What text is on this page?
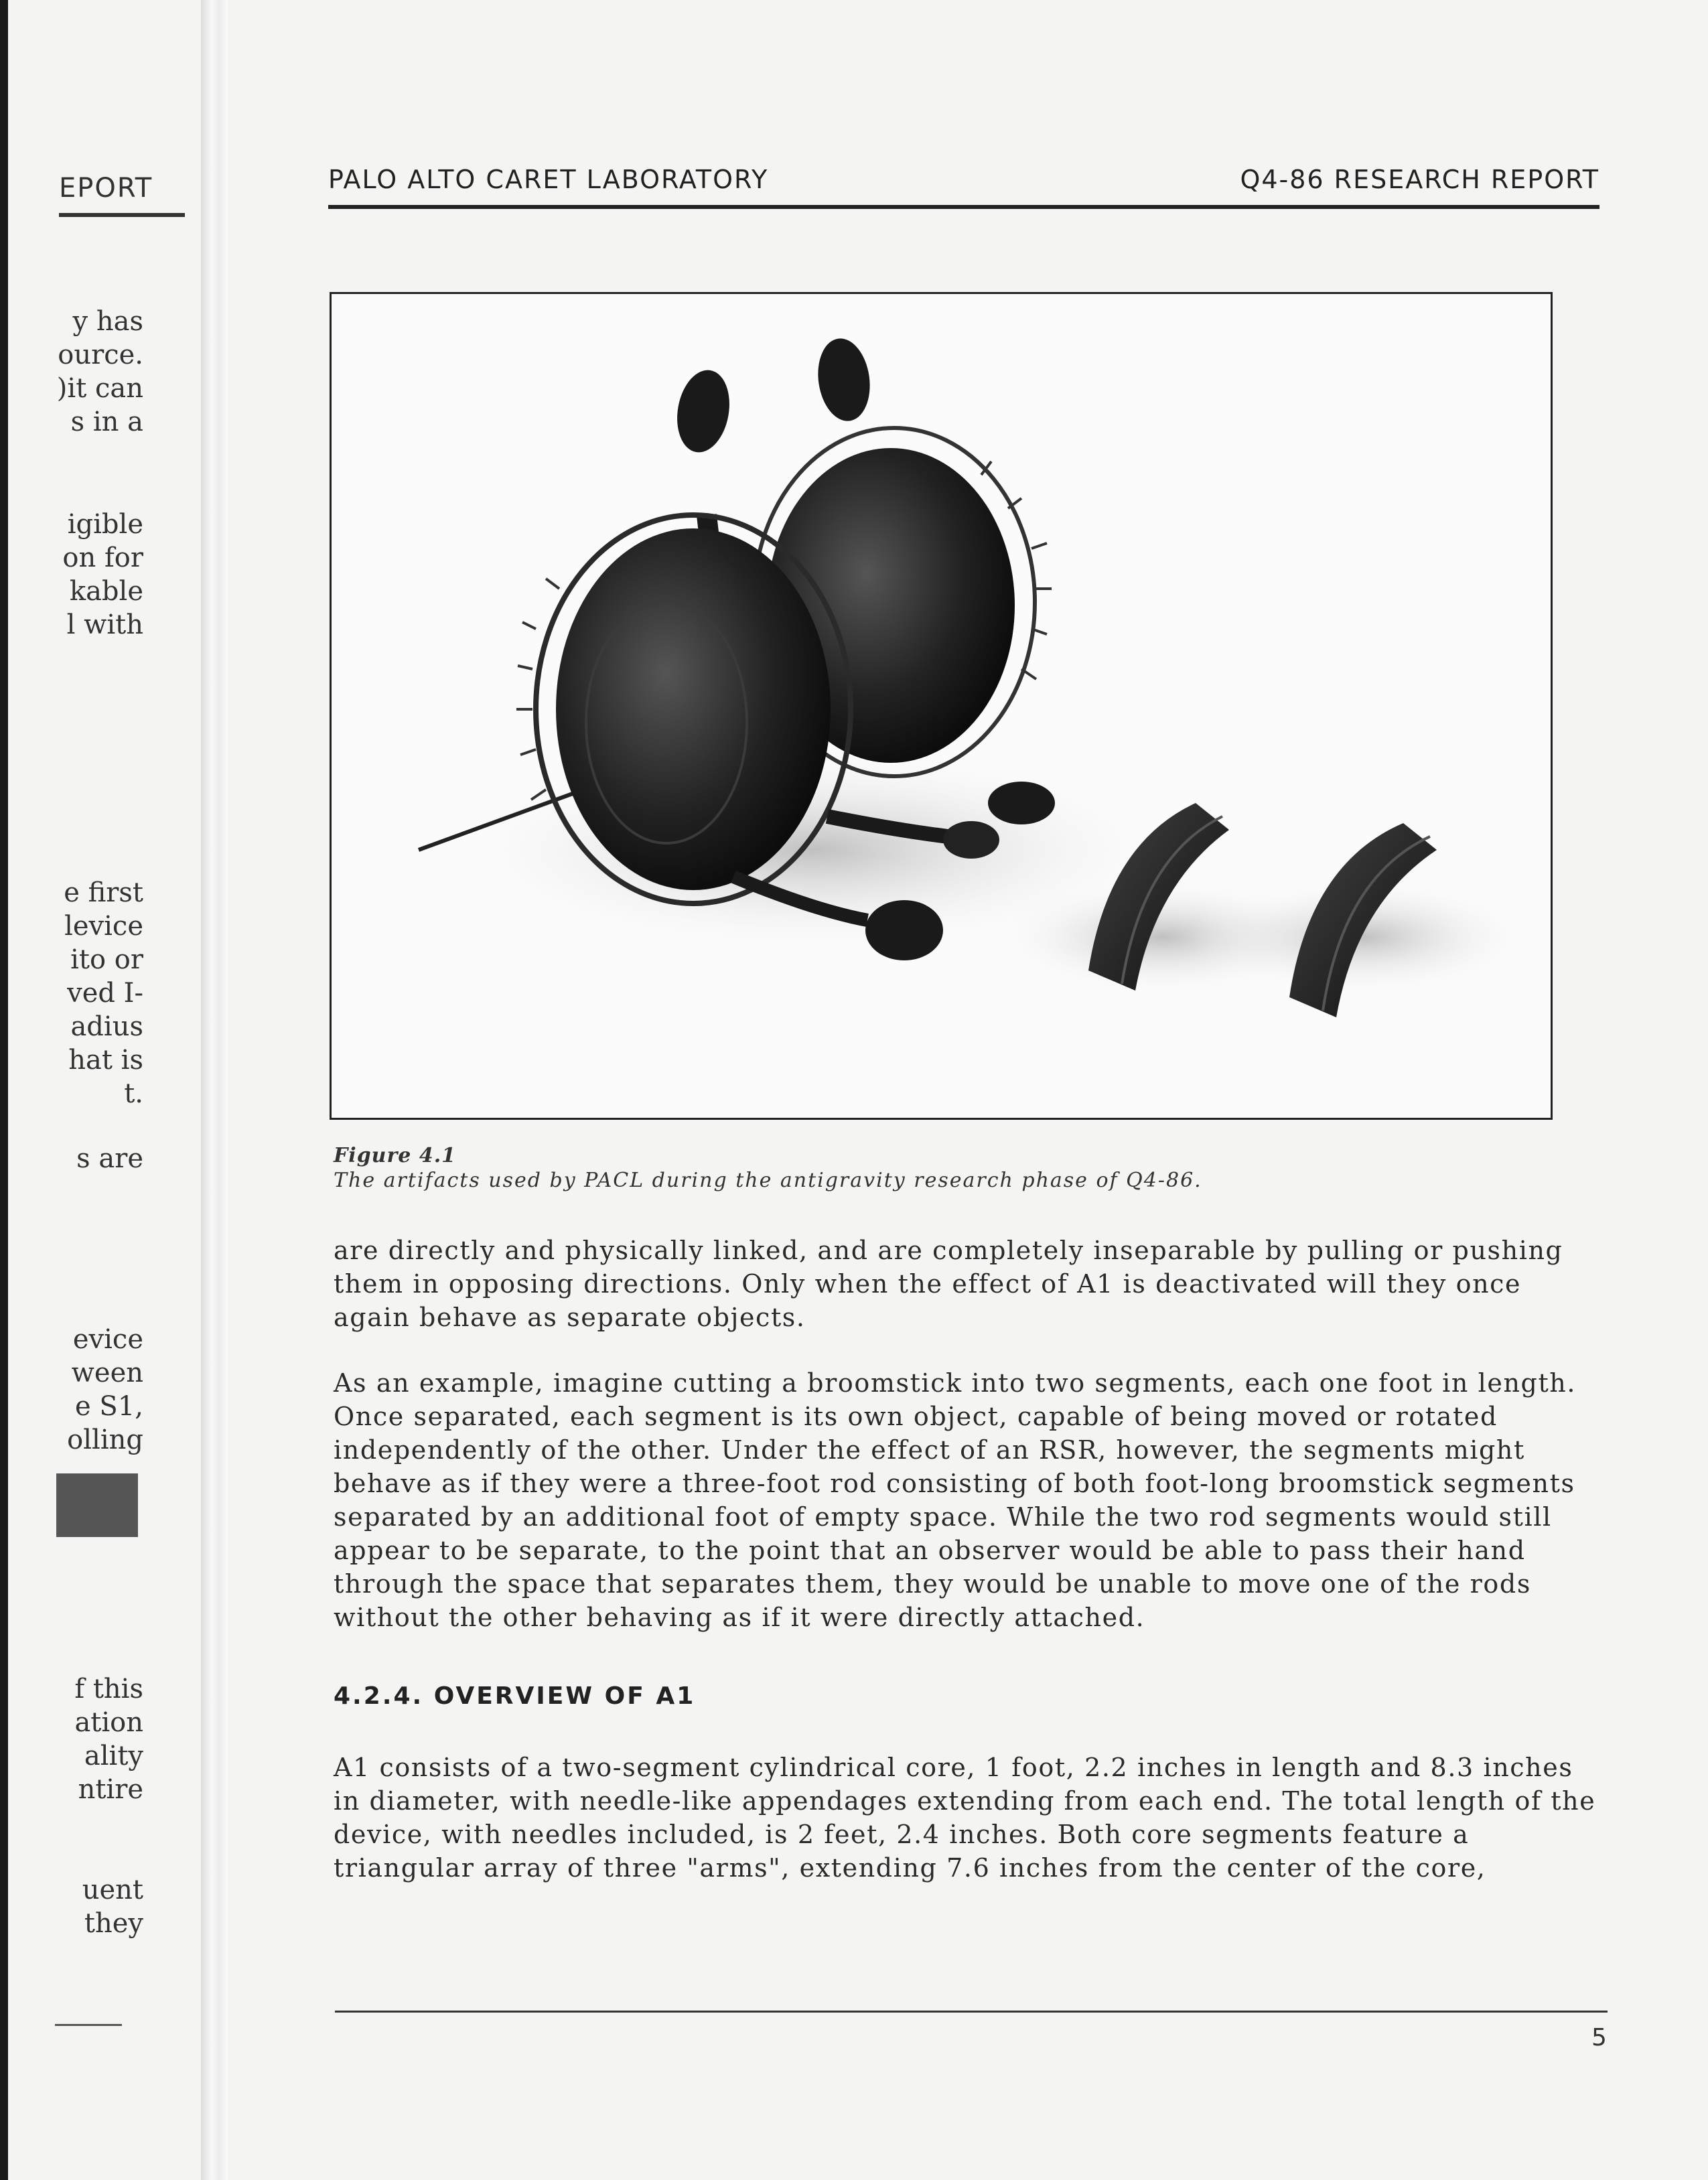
EPORT
y has
ource.
)it can
s in a
igible
on for
kable
l with
e first
levice
ito or
ved I-
adius
hat is
t.
s are
evice
ween
e S1,
olling
f this
ation
ality
ntire
uent
they
PALO ALTO CARET LABORATORY	Q4-86 RESEARCH REPORT
Figure 4.1
The artifacts used by PACL during the antigravity research phase of Q4-86.

are directly and physically linked, and are completely inseparable by pulling or pushing them in opposing directions. Only when the effect of A1 is deactivated will they once again behave as separate objects.

As an example, imagine cutting a broomstick into two segments, each one foot in length. Once separated, each segment is its own object, capable of being moved or rotated independently of the other. Under the effect of an RSR, however, the segments might behave as if they were a three-foot rod consisting of both foot-long broomstick segments separated by an additional foot of empty space. While the two rod segments would still appear to be separate, to the point that an observer would be able to pass their hand through the space that separates them, they would be unable to move one of the rods without the other behaving as if it were directly attached.

4.2.4. OVERVIEW OF A1

A1 consists of a two-segment cylindrical core, 1 foot, 2.2 inches in length and 8.3 inches in diameter, with needle-like appendages extending from each end. The total length of the device, with needles included, is 2 feet, 2.4 inches. Both core segments feature a triangular array of three "arms", extending 7.6 inches from the center of the core,

5
